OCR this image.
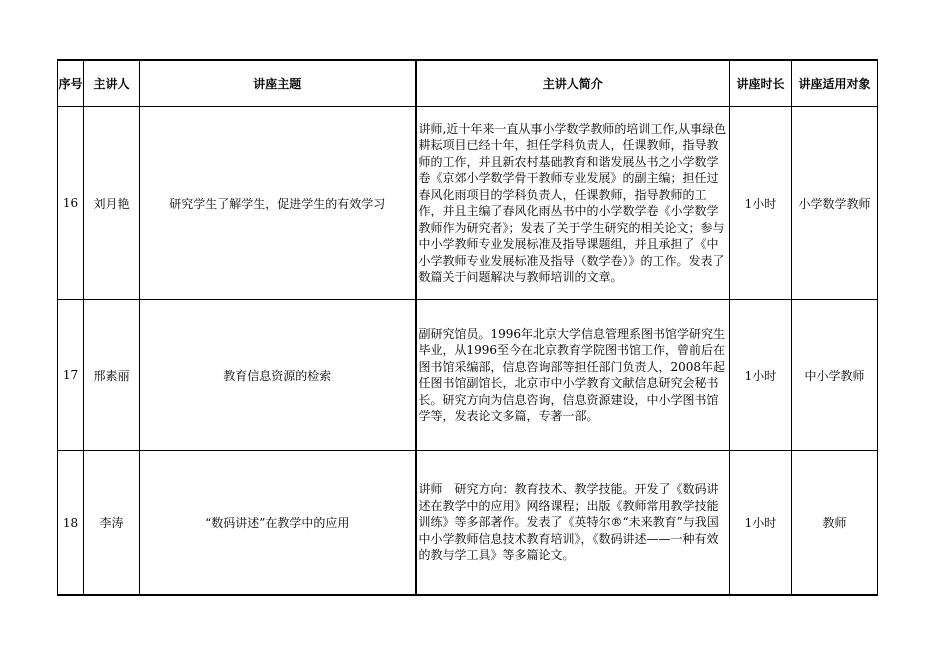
序号	主讲人	讲座主题	主讲人简介	讲座时长	讲座适用对象
16	刘月艳	研究学生了解学生，促进学生的有效学习	讲师,近十年来一直从事小学数学教师的培训工作,从事绿色耕耘项目已经十年，担任学科负责人，任课教师，指导教师的工作，并且新农村基础教育和谐发展丛书之小学数学卷《京郊小学数学骨干教师专业发展》的副主编；担任过春风化雨项目的学科负责人，任课教师，指导教师的工作，并且主编了春风化雨丛书中的小学数学卷《小学数学教师作为研究者》；发表了关于学生研究的相关论文；参与中小学教师专业发展标准及指导课题组，并且承担了《中小学教师专业发展标准及指导（数学卷）》的工作。发表了数篇关于问题解决与教师培训的文章。	1小时	小学数学教师
17	邢素丽	教育信息资源的检索	副研究馆员。1996年北京大学信息管理系图书馆学研究生毕业，从1996至今在北京教育学院图书馆工作，曾前后在图书馆采编部，信息咨询部等担任部门负责人，2008年起任图书馆副馆长，北京市中小学教育文献信息研究会秘书长。研究方向为信息咨询，信息资源建设，中小学图书馆学等，发表论文多篇，专著一部。	1小时	中小学教师
18	李涛	“数码讲述”在教学中的应用	讲师　研究方向：教育技术、教学技能。开发了《数码讲述在教学中的应用》网络课程；出版《教师常用教学技能训练》等多部著作。发表了《英特尔®“未来教育”与我国中小学教师信息技术教育培训》，《数码讲述——一种有效的教与学工具》等多篇论文。	1小时	教师
